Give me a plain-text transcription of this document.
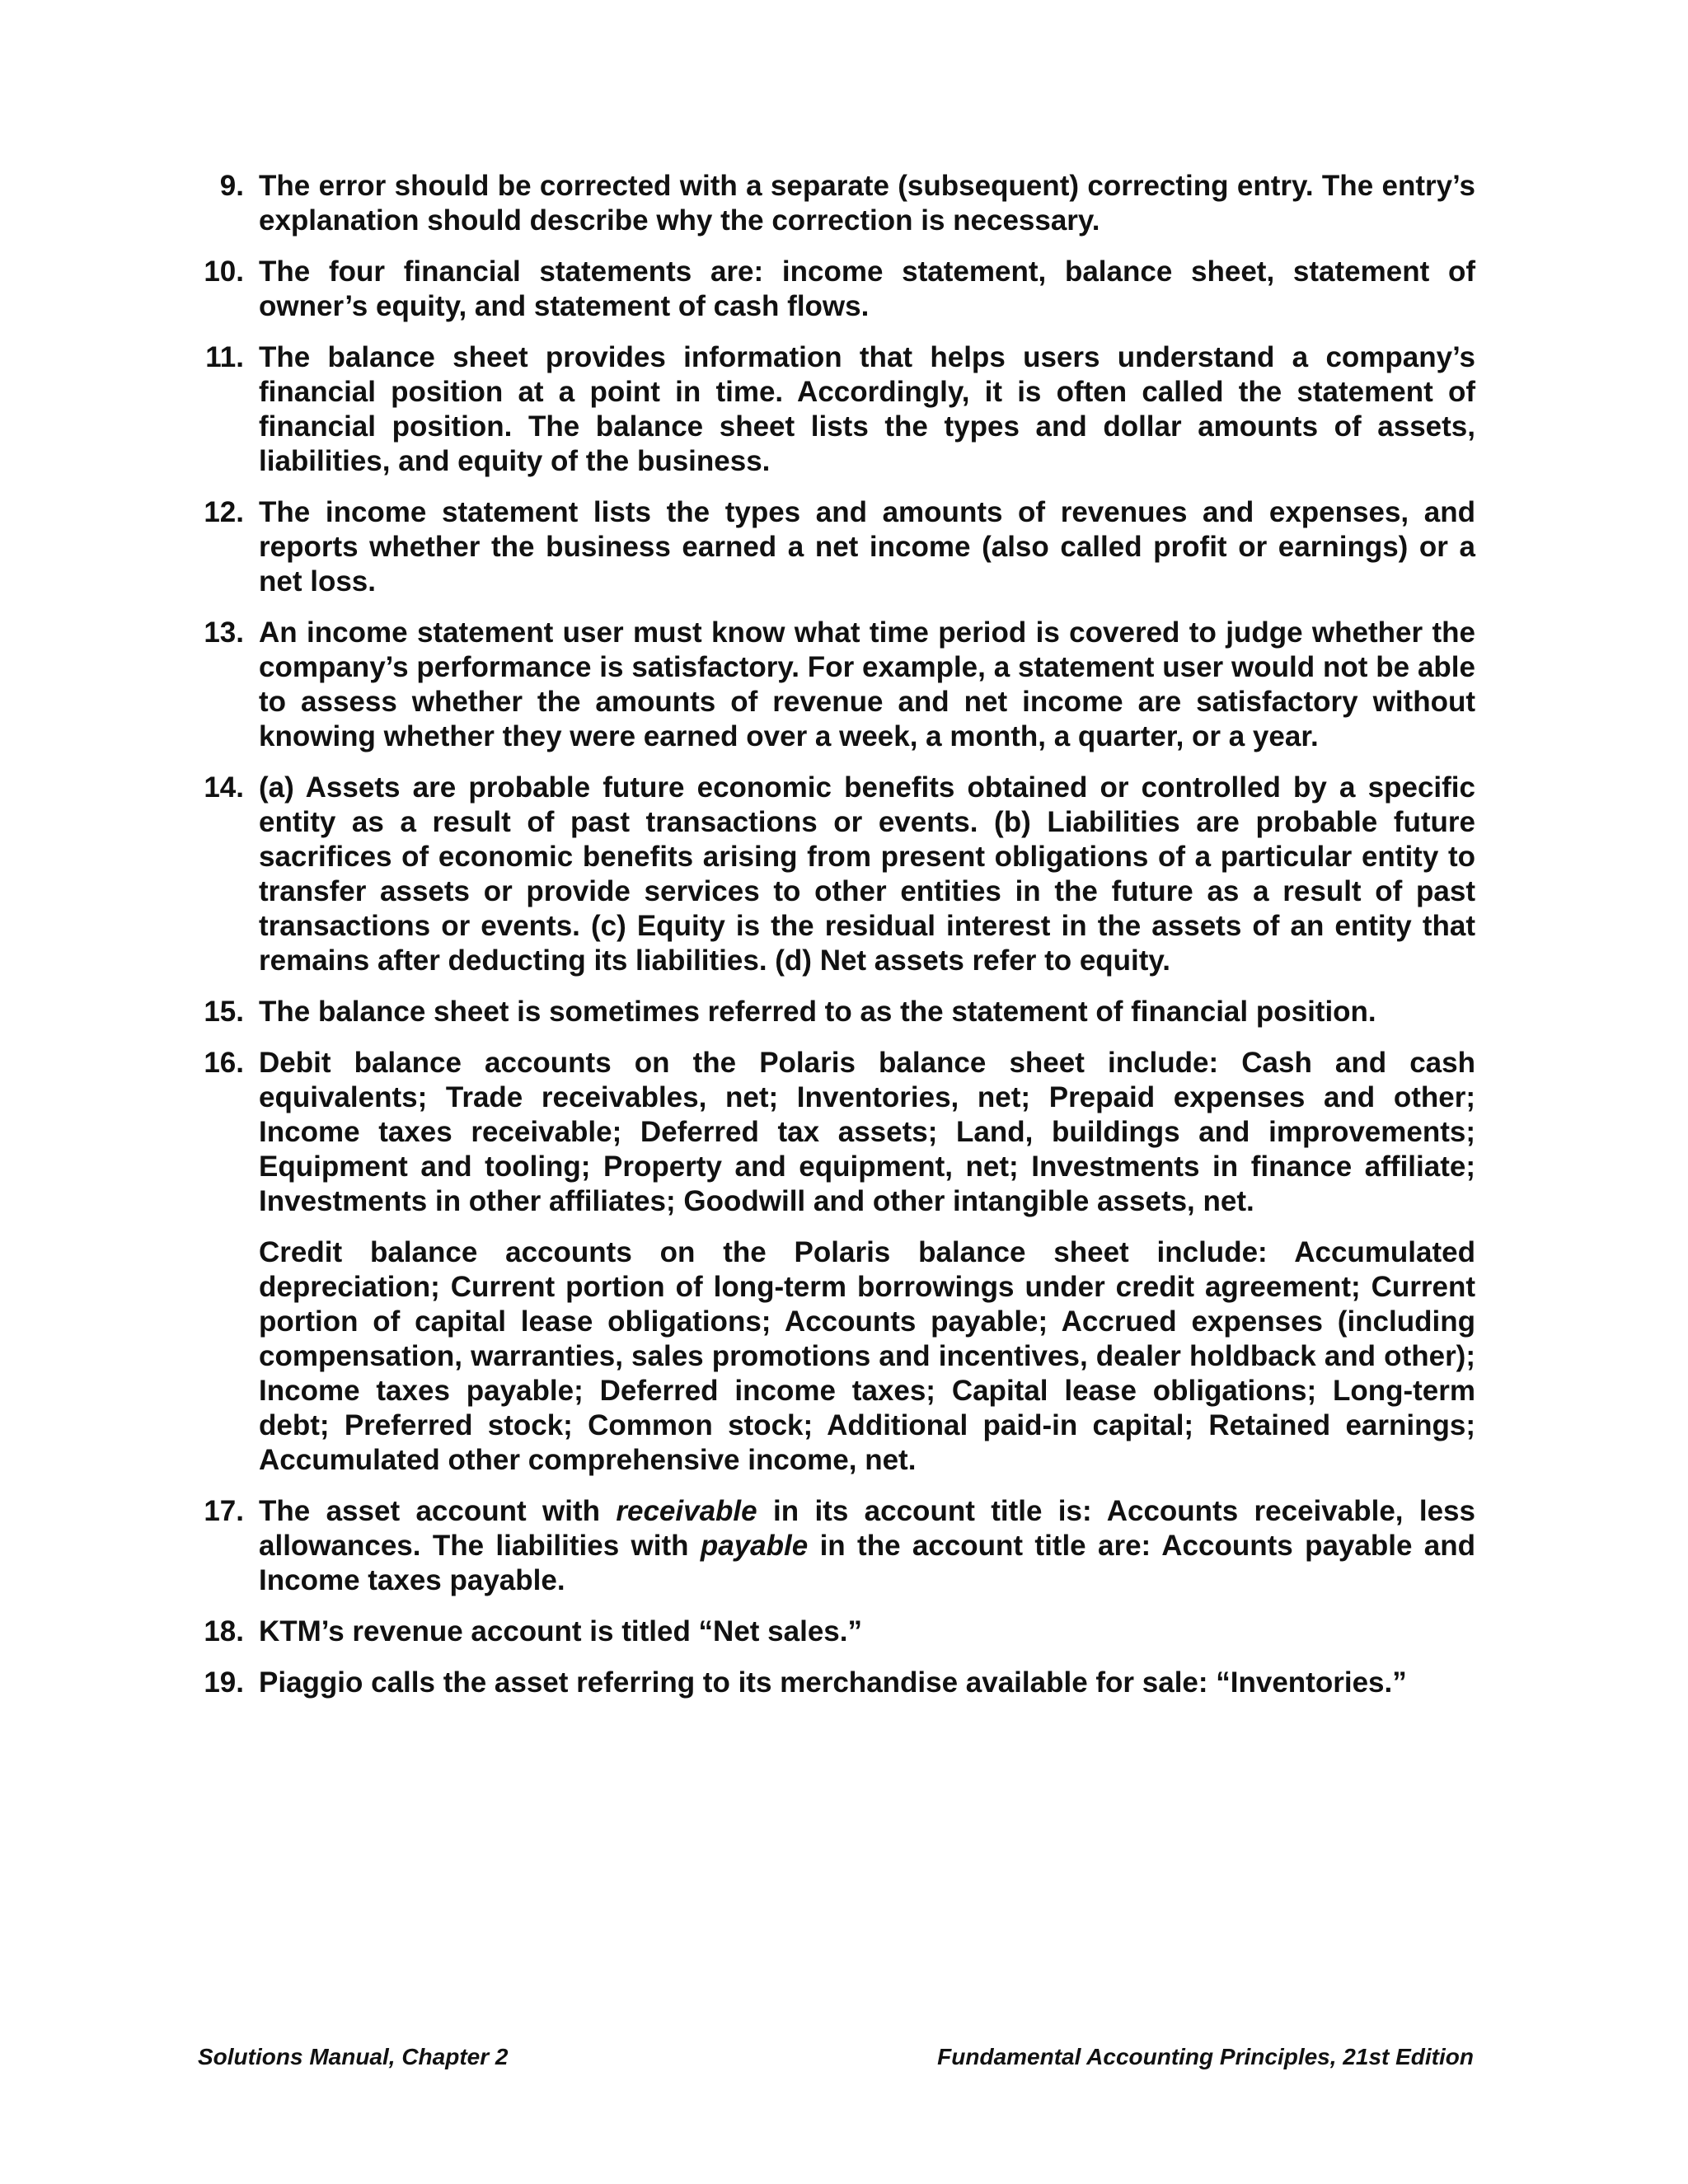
9. The error should be corrected with a separate (subsequent) correcting entry. The entry’s explanation should describe why the correction is necessary.

10. The four financial statements are: income statement, balance sheet, statement of owner’s equity, and statement of cash flows.

11. The balance sheet provides information that helps users understand a company’s financial position at a point in time. Accordingly, it is often called the statement of financial position. The balance sheet lists the types and dollar amounts of assets, liabilities, and equity of the business.

12. The income statement lists the types and amounts of revenues and expenses, and reports whether the business earned a net income (also called profit or earnings) or a net loss.

13. An income statement user must know what time period is covered to judge whether the company’s performance is satisfactory. For example, a statement user would not be able to assess whether the amounts of revenue and net income are satisfactory without knowing whether they were earned over a week, a month, a quarter, or a year.

14. (a) Assets are probable future economic benefits obtained or controlled by a specific entity as a result of past transactions or events. (b) Liabilities are probable future sacrifices of economic benefits arising from present obligations of a particular entity to transfer assets or provide services to other entities in the future as a result of past transactions or events. (c) Equity is the residual interest in the assets of an entity that remains after deducting its liabilities. (d) Net assets refer to equity.

15. The balance sheet is sometimes referred to as the statement of financial position.

16. Debit balance accounts on the Polaris balance sheet include: Cash and cash equivalents; Trade receivables, net; Inventories, net; Prepaid expenses and other; Income taxes receivable; Deferred tax assets; Land, buildings and improvements; Equipment and tooling; Property and equipment, net; Investments in finance affiliate; Investments in other affiliates; Goodwill and other intangible assets, net.

Credit balance accounts on the Polaris balance sheet include: Accumulated depreciation; Current portion of long-term borrowings under credit agreement; Current portion of capital lease obligations; Accounts payable; Accrued expenses (including compensation, warranties, sales promotions and incentives, dealer holdback and other); Income taxes payable; Deferred income taxes; Capital lease obligations; Long-term debt; Preferred stock; Common stock; Additional paid-in capital; Retained earnings; Accumulated other comprehensive income, net.

17. The asset account with receivable in its account title is: Accounts receivable, less allowances. The liabilities with payable in the account title are: Accounts payable and Income taxes payable.

18. KTM’s revenue account is titled “Net sales.”

19. Piaggio calls the asset referring to its merchandise available for sale: “Inventories.”

Solutions Manual, Chapter 2	Fundamental Accounting Principles, 21st Edition
